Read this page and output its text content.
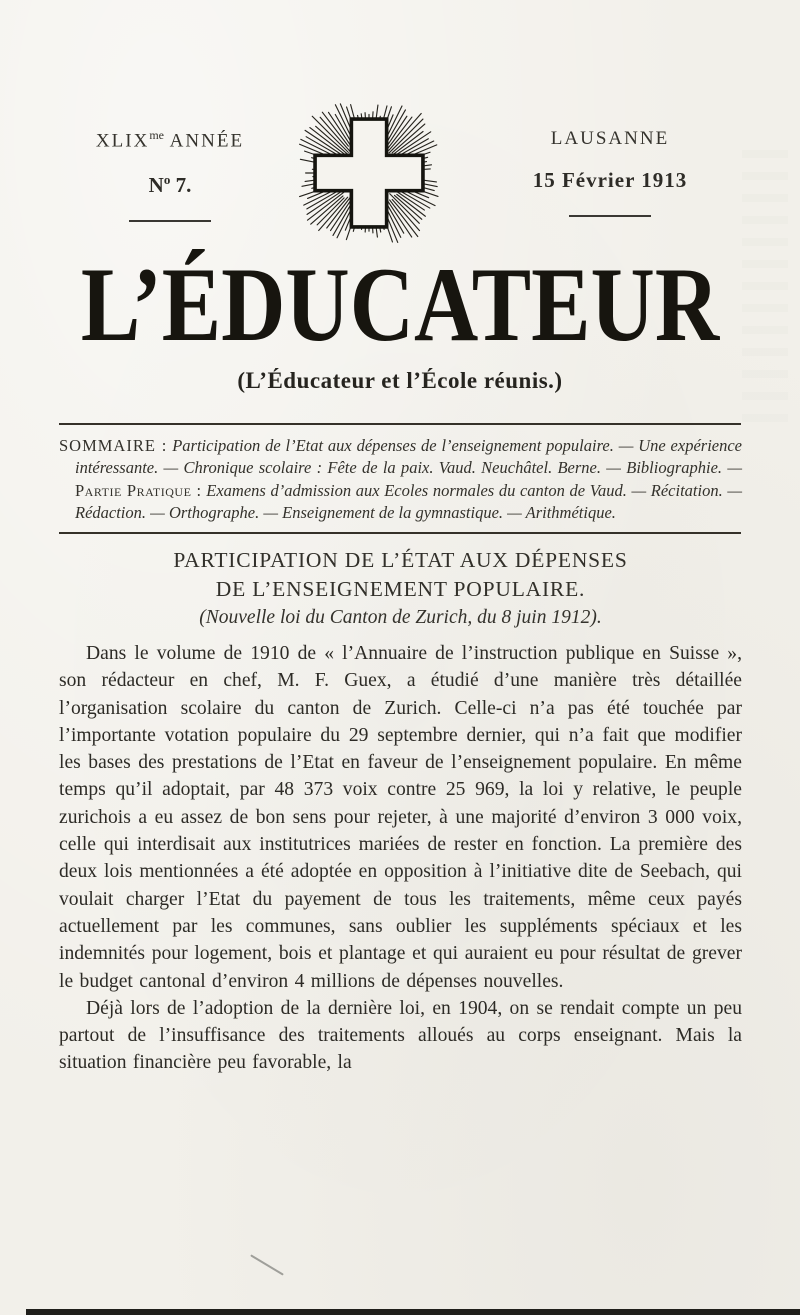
$XLIX^{me}$ ANNÉE
$N^o$ 7.
LAUSANNE
15 Février 1913
L’ÉDUCATEUR
(L’Éducateur et l’École réunis.)
SOMMAIRE : Participation de l’Etat aux dépenses de l’enseignement populaire. — Une expérience intéressante. — Chronique scolaire : Fête de la paix. Vaud. Neuchâtel. Berne. — Bibliographie. — Partie Pratique : Examens d’admission aux Ecoles normales du canton de Vaud. — Récitation. — Rédaction. — Orthographe. — Enseignement de la gymnastique. — Arithmétique.
PARTICIPATION DE L’ÉTAT AUX DÉPENSES
DE L’ENSEIGNEMENT POPULAIRE.
(Nouvelle loi du Canton de Zurich, du 8 juin 1912).

Dans le volume de 1910 de « l’Annuaire de l’instruction publique en Suisse », son rédacteur en chef, M. F. Guex, a étudié d’une manière très détaillée l’organisation scolaire du canton de Zurich. Celle-ci n’a pas été touchée par l’importante votation populaire du 29 septembre dernier, qui n’a fait que modifier les bases des prestations de l’Etat en faveur de l’enseignement populaire. En même temps qu’il adoptait, par 48 373 voix contre 25 969, la loi y relative, le peuple zurichois a eu assez de bon sens pour rejeter, à une majorité d’environ 3 000 voix, celle qui interdisait aux institutrices mariées de rester en fonction. La première des deux lois mentionnées a été adoptée en opposition à l’initiative dite de Seebach, qui voulait charger l’Etat du payement de tous les traitements, même ceux payés actuellement par les communes, sans oublier les suppléments spéciaux et les indemnités pour logement, bois et plantage et qui auraient eu pour résultat de grever le budget cantonal d’environ 4 millions de dépenses nouvelles.

Déjà lors de l’adoption de la dernière loi, en 1904, on se rendait compte un peu partout de l’insuffisance des traitements alloués au corps enseignant. Mais la situation financière peu favorable, la
